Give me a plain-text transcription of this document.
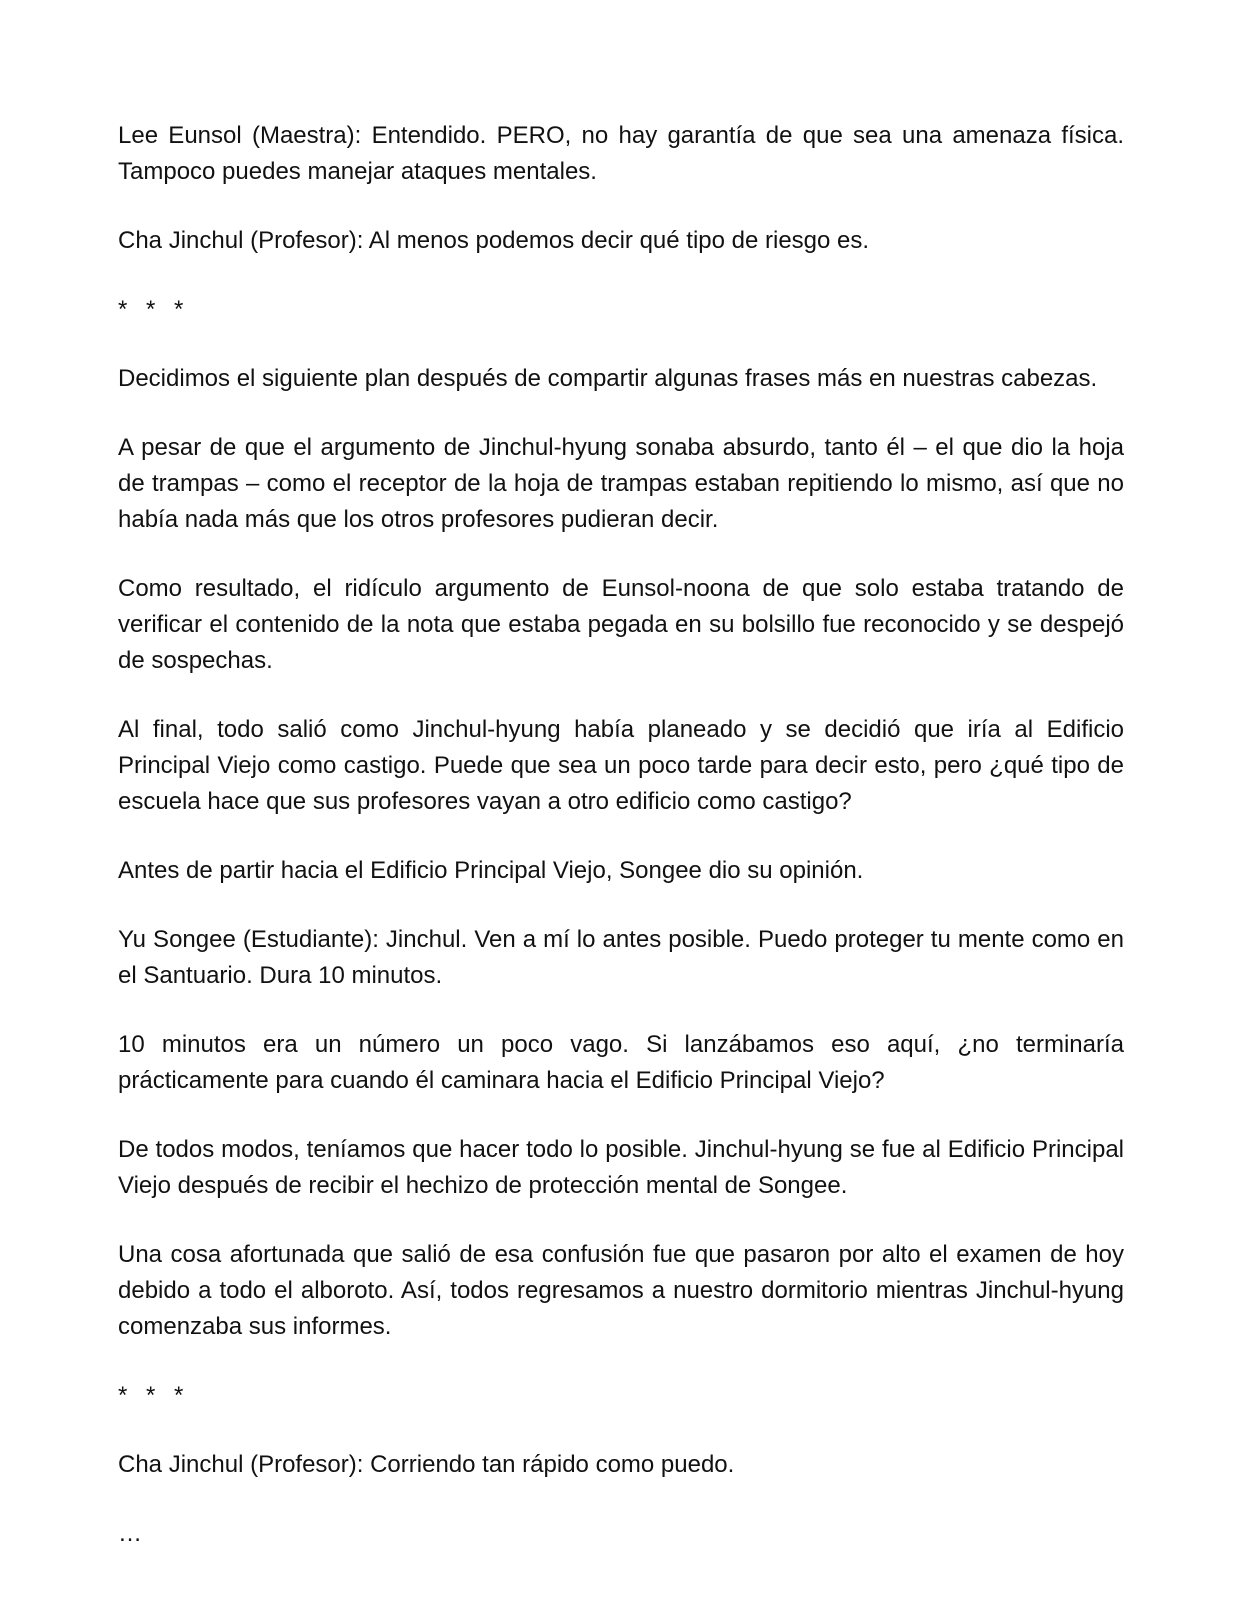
Lee Eunsol (Maestra): Entendido. PERO, no hay garantía de que sea una amenaza física. Tampoco puedes manejar ataques mentales.

Cha Jinchul (Profesor): Al menos podemos decir qué tipo de riesgo es.

* * *

Decidimos el siguiente plan después de compartir algunas frases más en nuestras cabezas.

A pesar de que el argumento de Jinchul-hyung sonaba absurdo, tanto él – el que dio la hoja de trampas – como el receptor de la hoja de trampas estaban repitiendo lo mismo, así que no había nada más que los otros profesores pudieran decir.

Como resultado, el ridículo argumento de Eunsol-noona de que solo estaba tratando de verificar el contenido de la nota que estaba pegada en su bolsillo fue reconocido y se despejó de sospechas.

Al final, todo salió como Jinchul-hyung había planeado y se decidió que iría al Edificio Principal Viejo como castigo. Puede que sea un poco tarde para decir esto, pero ¿qué tipo de escuela hace que sus profesores vayan a otro edificio como castigo?

Antes de partir hacia el Edificio Principal Viejo, Songee dio su opinión.

Yu Songee (Estudiante): Jinchul. Ven a mí lo antes posible. Puedo proteger tu mente como en el Santuario. Dura 10 minutos.

10 minutos era un número un poco vago. Si lanzábamos eso aquí, ¿no terminaría prácticamente para cuando él caminara hacia el Edificio Principal Viejo?

De todos modos, teníamos que hacer todo lo posible. Jinchul-hyung se fue al Edificio Principal Viejo después de recibir el hechizo de protección mental de Songee.

Una cosa afortunada que salió de esa confusión fue que pasaron por alto el examen de hoy debido a todo el alboroto. Así, todos regresamos a nuestro dormitorio mientras Jinchul-hyung comenzaba sus informes.

* * *

Cha Jinchul (Profesor): Corriendo tan rápido como puedo.

…
